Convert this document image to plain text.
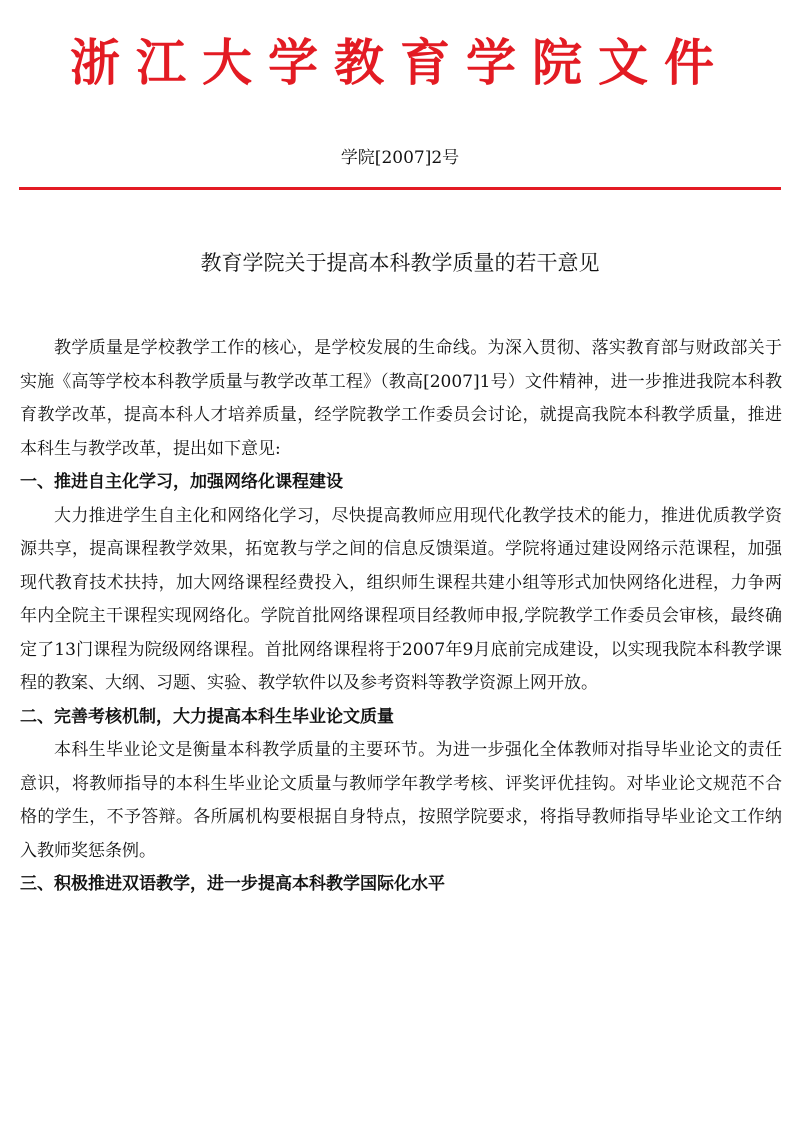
浙江大学教育学院文件
学院[2007]2号
教育学院关于提高本科教学质量的若干意见

教学质量是学校教学工作的核心，是学校发展的生命线。为深入贯彻、落实教育部与财政部关于实施《高等学校本科教学质量与教学改革工程》（教高[2007]1号）文件精神，进一步推进我院本科教育教学改革，提高本科人才培养质量，经学院教学工作委员会讨论，就提高我院本科教学质量，推进本科生与教学改革，提出如下意见:

一、推进自主化学习，加强网络化课程建设

大力推进学生自主化和网络化学习，尽快提高教师应用现代化教学技术的能力，推进优质教学资源共享，提高课程教学效果，拓宽教与学之间的信息反馈渠道。学院将通过建设网络示范课程，加强现代教育技术扶持，加大网络课程经费投入，组织师生课程共建小组等形式加快网络化进程，力争两年内全院主干课程实现网络化。学院首批网络课程项目经教师申报,学院教学工作委员会审核，最终确定了13门课程为院级网络课程。首批网络课程将于2007年9月底前完成建设，以实现我院本科教学课程的教案、大纲、习题、实验、教学软件以及参考资料等教学资源上网开放。

二、完善考核机制，大力提高本科生毕业论文质量

本科生毕业论文是衡量本科教学质量的主要环节。为进一步强化全体教师对指导毕业论文的责任意识，将教师指导的本科生毕业论文质量与教师学年教学考核、评奖评优挂钩。对毕业论文规范不合格的学生，不予答辩。各所属机构要根据自身特点，按照学院要求，将指导教师指导毕业论文工作纳入教师奖惩条例。

三、积极推进双语教学，进一步提高本科教学国际化水平
